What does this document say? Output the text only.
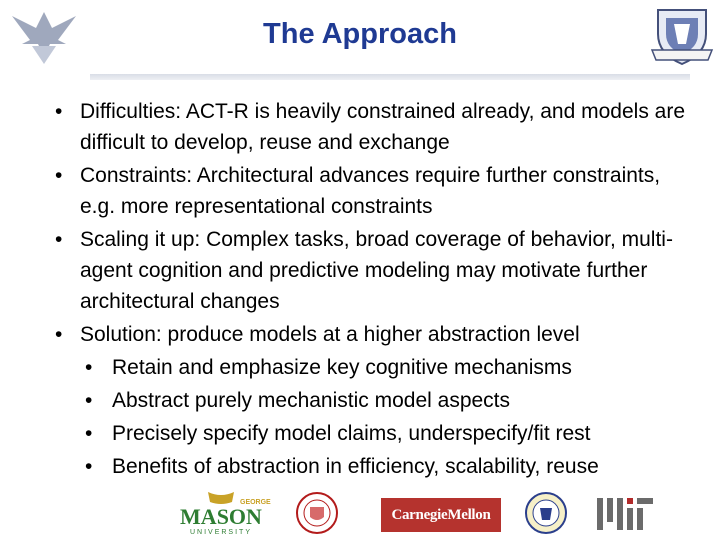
The Approach
• Difficulties: ACT-R is heavily constrained already, and models are difficult to develop, reuse and exchange
• Constraints: Architectural advances require further constraints, e.g. more representational constraints
• Scaling it up: Complex tasks, broad coverage of behavior, multi-agent cognition and predictive modeling may motivate further architectural changes
• Solution: produce models at a higher abstraction level
• Retain and emphasize key cognitive mechanisms
• Abstract purely mechanistic model aspects
• Precisely specify model claims, underspecify/fit rest
• Benefits of abstraction in efficiency, scalability, reuse
GEORGE
MASON
UNIVERSITY
CarnegieMellon
